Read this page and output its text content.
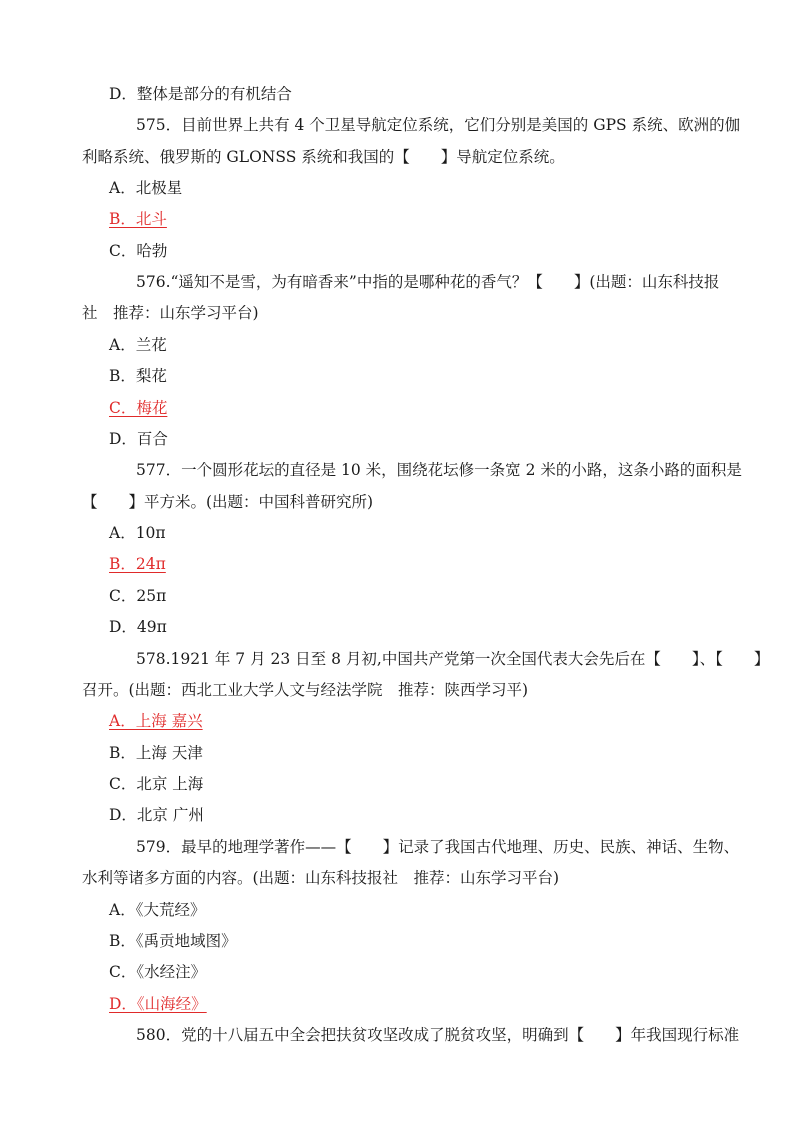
D．整体是部分的有机结合
575．目前世界上共有 4 个卫星导航定位系统，它们分别是美国的 GPS 系统、欧洲的伽
利略系统、俄罗斯的 GLONSS 系统和我国的【　　】导航定位系统。
A．北极星
B．北斗
C．哈勃
576.“遥知不是雪，为有暗香来”中指的是哪种花的香气？【　　】(出题：山东科技报
社　推荐：山东学习平台)
A．兰花
B．梨花
C．梅花
D．百合
577．一个圆形花坛的直径是 10 米，围绕花坛修一条宽 2 米的小路，这条小路的面积是
【　　】平方米。(出题：中国科普研究所)
A．10π
B．24π
C．25π
D．49π
578.1921 年 7 月 23 日至 8 月初,中国共产党第一次全国代表大会先后在【　　】、【　　】
召开。(出题：西北工业大学人文与经法学院　推荐：陕西学习平)
A．上海 嘉兴
B．上海 天津
C．北京 上海
D．北京 广州
579．最早的地理学著作——【　　】记录了我国古代地理、历史、民族、神话、生物、
水利等诸多方面的内容。(出题：山东科技报社　推荐：山东学习平台)
A．《大荒经》
B．《禹贡地域图》
C．《水经注》
D．《山海经》
580．党的十八届五中全会把扶贫攻坚改成了脱贫攻坚，明确到【　　】年我国现行标准
